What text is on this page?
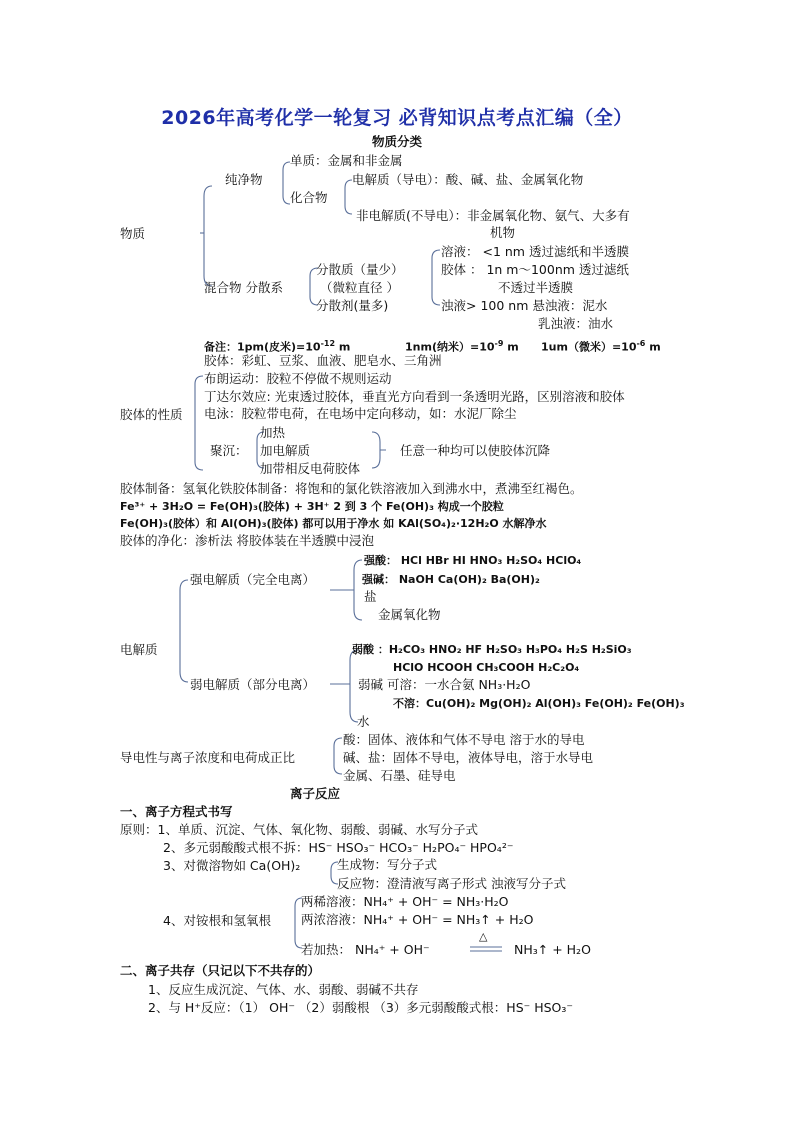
2026年高考化学一轮复习 必背知识点考点汇编（全）
物质分类
物质
纯净物
单质：金属和非金属
化合物
电解质（导电）：酸、碱、盐、金属氧化物
非电解质(不导电）：非金属氧化物、氨气、大多有
机物
混合物 分散系
分散质（量少）
（微粒直径 ）
分散剂(量多)
溶液： <1 nm 透过滤纸和半透膜
胶体 ： 1n m～100nm 透过滤纸
不透过半透膜
浊液> 100 nm 悬浊液：泥水
乳浊液：油水
备注：1pm(皮米)$=10^{-12}$ m	1nm(纳米）$=10^{-9}$ m 1um（微米）$=10^{-6}$ m
胶体：彩虹、豆浆、血液、肥皂水、三角洲
胶体的性质
布朗运动：胶粒不停做不规则运动
丁达尔效应: 光束透过胶体，垂直光方向看到一条透明光路，区别溶液和胶体
电泳：胶粒带电荷，在电场中定向移动，如：水泥厂除尘
聚沉：
加热
加电解质
加带相反电荷胶体
任意一种均可以使胶体沉降
胶体制备：氢氧化铁胶体制备：将饱和的氯化铁溶液加入到沸水中，煮沸至红褐色。
Fe³⁺ + 3H₂O = Fe(OH)₃(胶体) + 3H⁺ 2 到 3 个 Fe(OH)₃ 构成一个胶粒
Fe(OH)₃(胶体）和 Al(OH)₃(胶体) 都可以用于净水 如 KAl(SO₄)₂·12H₂O 水解净水
胶体的净化：渗析法 将胶体装在半透膜中浸泡
电解质
强电解质（完全电离）
强酸： HCl HBr HI HNO₃ H₂SO₄ HClO₄
强碱： NaOH Ca(OH)₂ Ba(OH)₂
盐
金属氧化物
弱电解质（部分电离）
弱酸 ：H₂CO₃ HNO₂ HF H₂SO₃ H₃PO₄ H₂S H₂SiO₃
HClO HCOOH CH₃COOH H₂C₂O₄
弱碱 可溶：一水合氨 NH₃·H₂O
不溶：Cu(OH)₂ Mg(OH)₂ Al(OH)₃ Fe(OH)₂ Fe(OH)₃
水
导电性与离子浓度和电荷成正比
酸：固体、液体和气体不导电 溶于水的导电
碱、盐：固体不导电，液体导电，溶于水导电
金属、石墨、硅导电
离子反应
一、离子方程式书写
原则：1、单质、沉淀、气体、氧化物、弱酸、弱碱、水写分子式
2、多元弱酸酸式根不拆：HS⁻ HSO₃⁻ HCO₃⁻ H₂PO₄⁻ HPO₄²⁻
3、对微溶物如 Ca(OH)₂	生成物：写分子式
反应物：澄清液写离子形式 浊液写分子式
4、对铵根和氢氧根
两稀溶液：NH₄⁺ + OH⁻ = NH₃·H₂O
两浓溶液：NH₄⁺ + OH⁻ = NH₃↑ + H₂O
若加热： NH₄⁺ + OH⁻
△
NH₃↑ + H₂O
二、离子共存（只记以下不共存的）
1、反应生成沉淀、气体、水、弱酸、弱碱不共存
2、与 H⁺反应：（1） OH⁻ （2）弱酸根 （3）多元弱酸酸式根：HS⁻ HSO₃⁻
